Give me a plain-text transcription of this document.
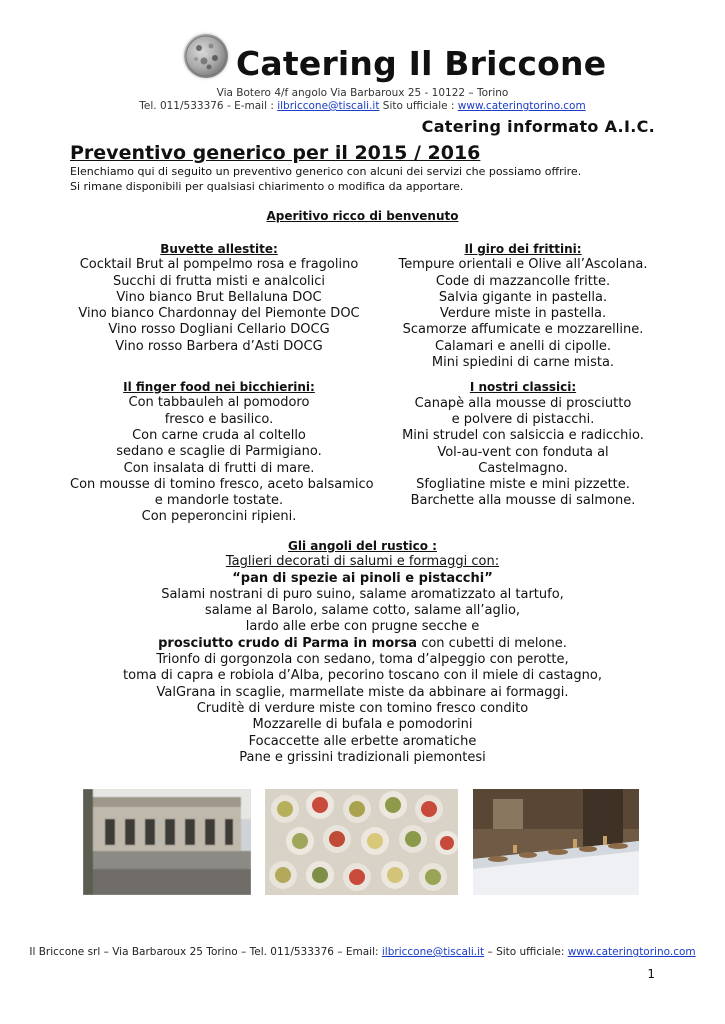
Catering Il Briccone
Via Botero 4/f angolo Via Barbaroux 25 - 10122 – Torino
Tel. 011/533376 - E-mail : ilbriccone@tiscali.it Sito ufficiale : www.cateringtorino.com
Catering informato A.I.C.
Preventivo generico per il 2015 / 2016
Elenchiamo qui di seguito un preventivo generico con alcuni dei servizi che possiamo offrire.
Si rimane disponibili per qualsiasi chiarimento o modifica da apportare.
Aperitivo ricco di benvenuto
Buvette allestite:
Cocktail Brut al pompelmo rosa e fragolino
Succhi di frutta misti e analcolici
Vino bianco Brut Bellaluna DOC
Vino bianco Chardonnay del Piemonte DOC
Vino rosso Dogliani Cellario DOCG
Vino rosso Barbera d’Asti DOCG
Il finger food nei bicchierini:
Con tabbauleh al pomodoro
fresco e basilico.
Con carne cruda al coltello
sedano e scaglie di Parmigiano.
Con insalata di frutti di mare.
Con mousse di tomino fresco, aceto balsamico
e mandorle tostate.
Con peperoncini ripieni.
Il giro dei frittini:
Tempure orientali e Olive all’Ascolana.
Code di mazzancolle fritte.
Salvia gigante in pastella.
Verdure miste in pastella.
Scamorze affumicate e mozzarelline.
Calamari e anelli di cipolle.
Mini spiedini di carne mista.
I nostri classici:
Canapè alla mousse di prosciutto
e polvere di pistacchi.
Mini strudel con salsiccia e radicchio.
Vol-au-vent con fonduta al
Castelmagno.
Sfogliatine miste e mini pizzette.
Barchette alla mousse di salmone.
Gli angoli del rustico :
Taglieri decorati di salumi e formaggi con:
“pan di spezie ai pinoli e pistacchi”
Salami nostrani di puro suino, salame aromatizzato al tartufo,
salame al Barolo, salame cotto, salame all’aglio,
lardo alle erbe con prugne secche e
prosciutto crudo di Parma in morsa con cubetti di melone.
Trionfo di gorgonzola con sedano, toma d’alpeggio con perotte,
toma di capra e robiola d’Alba, pecorino toscano con il miele di castagno,
ValGrana in scaglie, marmellate miste da abbinare ai formaggi.
Cruditè di verdure miste con tomino fresco condito
Mozzarelle di bufala e pomodorini
Focaccette alle erbette aromatiche
Pane e grissini tradizionali piemontesi
Il Briccone srl – Via Barbaroux 25 Torino – Tel. 011/533376 – Email: ilbriccone@tiscali.it – Sito ufficiale: www.cateringtorino.com
1
